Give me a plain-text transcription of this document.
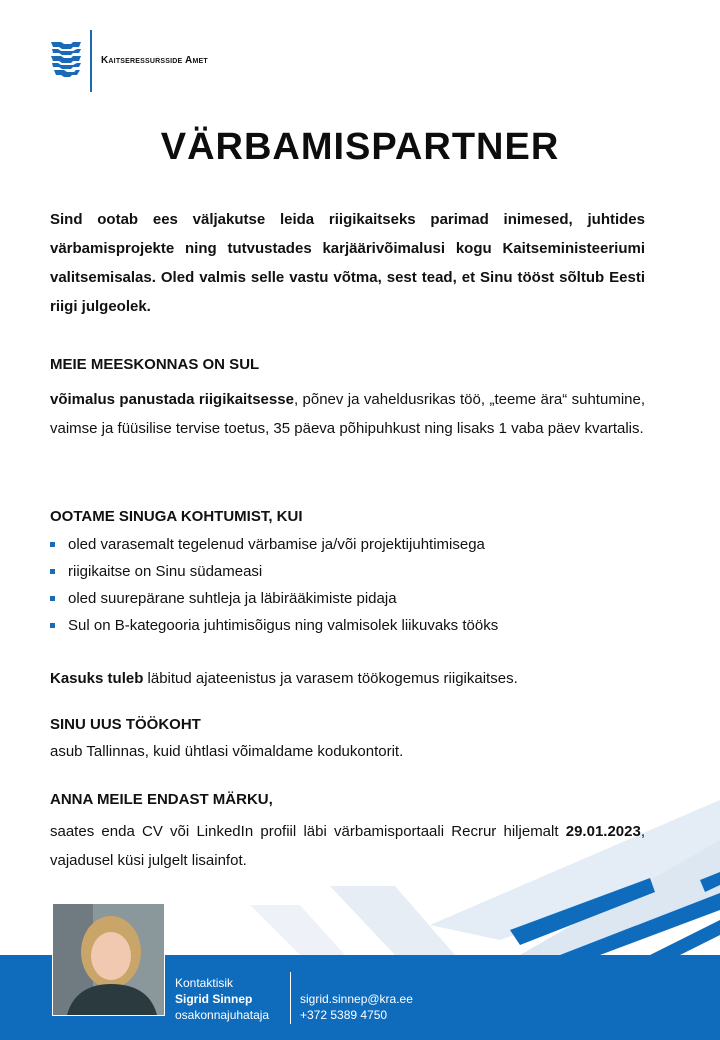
Kaitseressursside Amet
VÄRBAMISPARTNER
Sind ootab ees väljakutse leida riigikaitseks parimad inimesed, juhtides värbamisprojekte ning tutvustades karjäärivõimalusi kogu Kaitseministeeriumi valitsemisalas. Oled valmis selle vastu võtma, sest tead, et Sinu tööst sõltub Eesti riigi julgeolek.
MEIE MEESKONNAS ON SUL
võimalus panustada riigikaitsesse, põnev ja vaheldusrikas töö, „teeme ära“ suhtumine, vaimse ja füüsilise tervise toetus, 35 päeva põhipuhkust ning lisaks 1 vaba päev kvartalis.
OOTAME SINUGA KOHTUMIST, KUI
oled varasemalt tegelenud värbamise ja/või projektijuhtimisega
riigikaitse on Sinu südameasi
oled suurepärane suhtleja ja läbirääkimiste pidaja
Sul on B-kategooria juhtimisõigus ning valmisolek liikuvaks tööks
Kasuks tuleb läbitud ajateenistus ja varasem töökogemus riigikaitses.
SINU UUS TÖÖKOHT
asub Tallinnas, kuid ühtlasi võimaldame kodukontorit.
ANNA MEILE ENDAST MÄRKU,
saates enda CV või LinkedIn profiil läbi värbamisportaali Recrur hiljemalt 29.01.2023, vajadusel küsi julgelt lisainfot.
Kontaktisik
Sigrid Sinnep
osakonnajuhataja
sigrid.sinnep@kra.ee
+372 5389 4750
